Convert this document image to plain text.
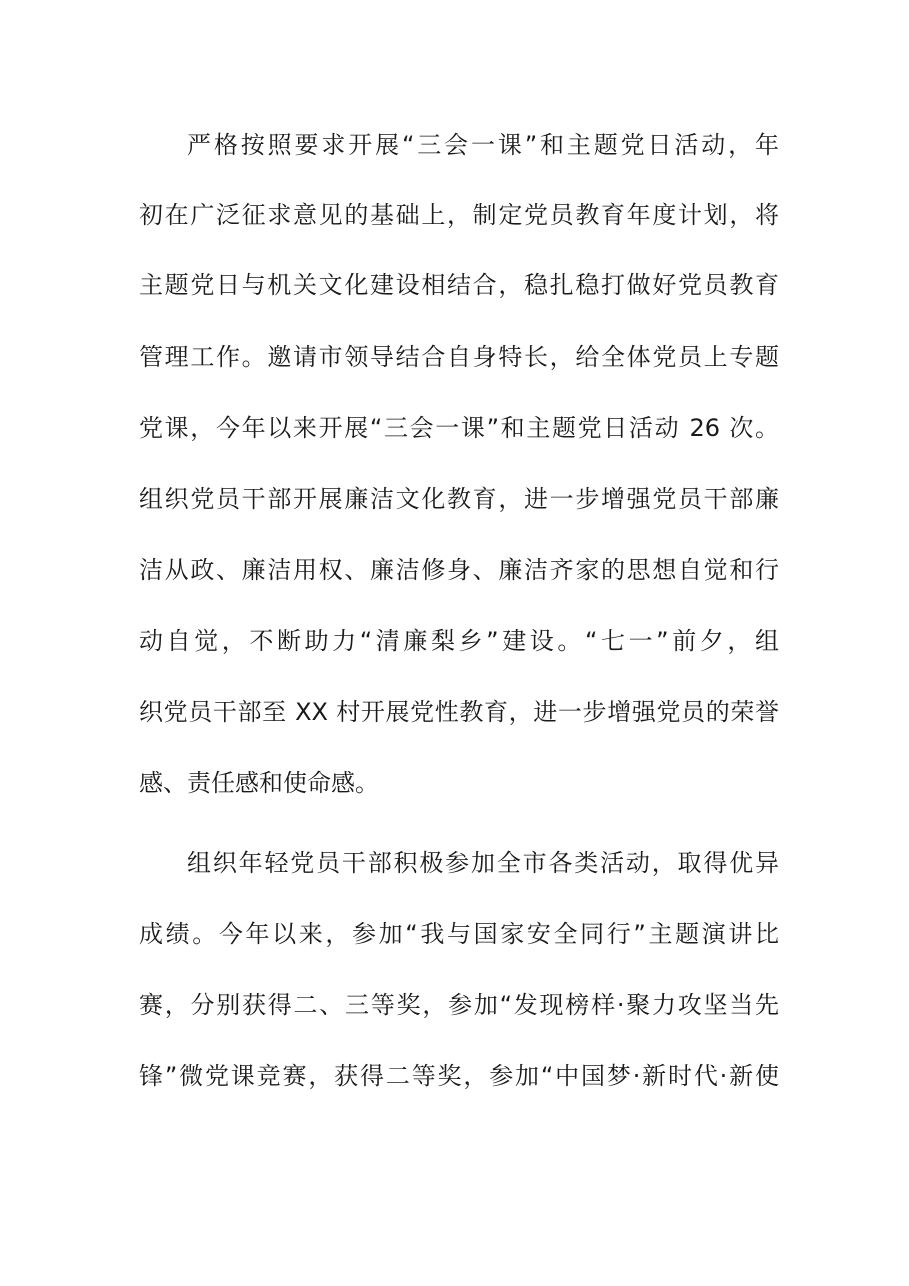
严格按照要求开展“三会一课”和主题党日活动，年
初在广泛征求意见的基础上，制定党员教育年度计划，将
主题党日与机关文化建设相结合，稳扎稳打做好党员教育
管理工作。邀请市领导结合自身特长，给全体党员上专题
党课，今年以来开展“三会一课”和主题党日活动 26 次。
组织党员干部开展廉洁文化教育，进一步增强党员干部廉
洁从政、廉洁用权、廉洁修身、廉洁齐家的思想自觉和行
动自觉，不断助力“清廉梨乡”建设。“七一”前夕，组
织党员干部至 XX 村开展党性教育，进一步增强党员的荣誉
感、责任感和使命感。
组织年轻党员干部积极参加全市各类活动，取得优异
成绩。今年以来，参加“我与国家安全同行”主题演讲比
赛，分别获得二、三等奖，参加“发现榜样·聚力攻坚当先
锋”微党课竞赛，获得二等奖，参加“中国梦·新时代·新使
